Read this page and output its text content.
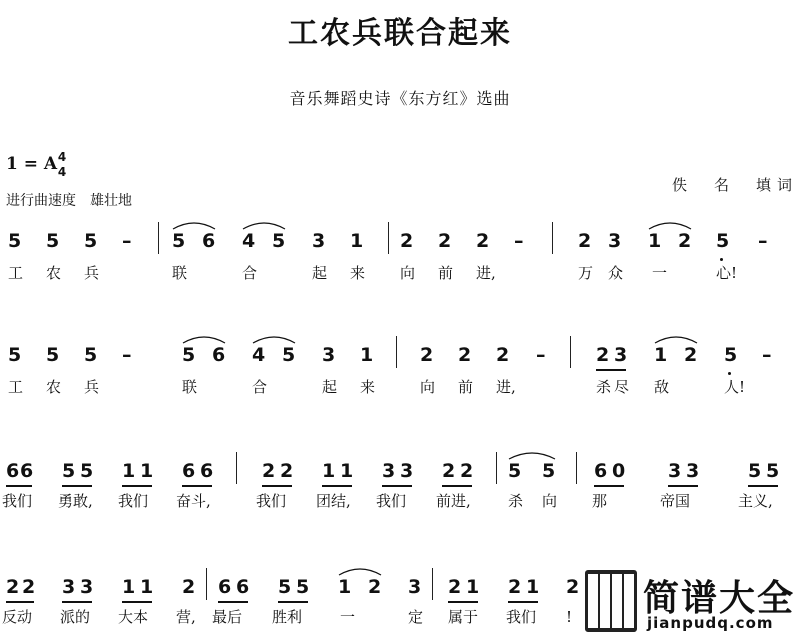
工农兵联合起来
音乐舞蹈史诗《东方红》选曲
1 = A 4
4
进行曲速度　雄壮地
佚　名　填词
5 5 5 – 5 6 4 5 3 1 2 2 2 –	2 3 1 2 5 –
工 农 兵	联	合	起 来 向 前 进,	万 众 一	心!
5 5 5 –	5 6 4 5 3 1 2 2 2 –	2 3 1 2 5 –
工 农 兵	联	合	起 来	向 前 进,	杀 尽 敌	人!
6 6 5 5 1 1 6 6	2 2 1 1 3 3 2 2 5 5 6 0 3 3	5 5
我们 勇敢, 我们 奋斗,	我们 团结, 我们 前进, 杀 向 那	帝国	主义,
2 2 3 3 1 1 2 6 6 5 5 1 2 3 2 1 2 1 2
反动 派的 大本 营, 最后 胜利	一	定 属于 我们 ! 简谱大全
jianpudq.com
